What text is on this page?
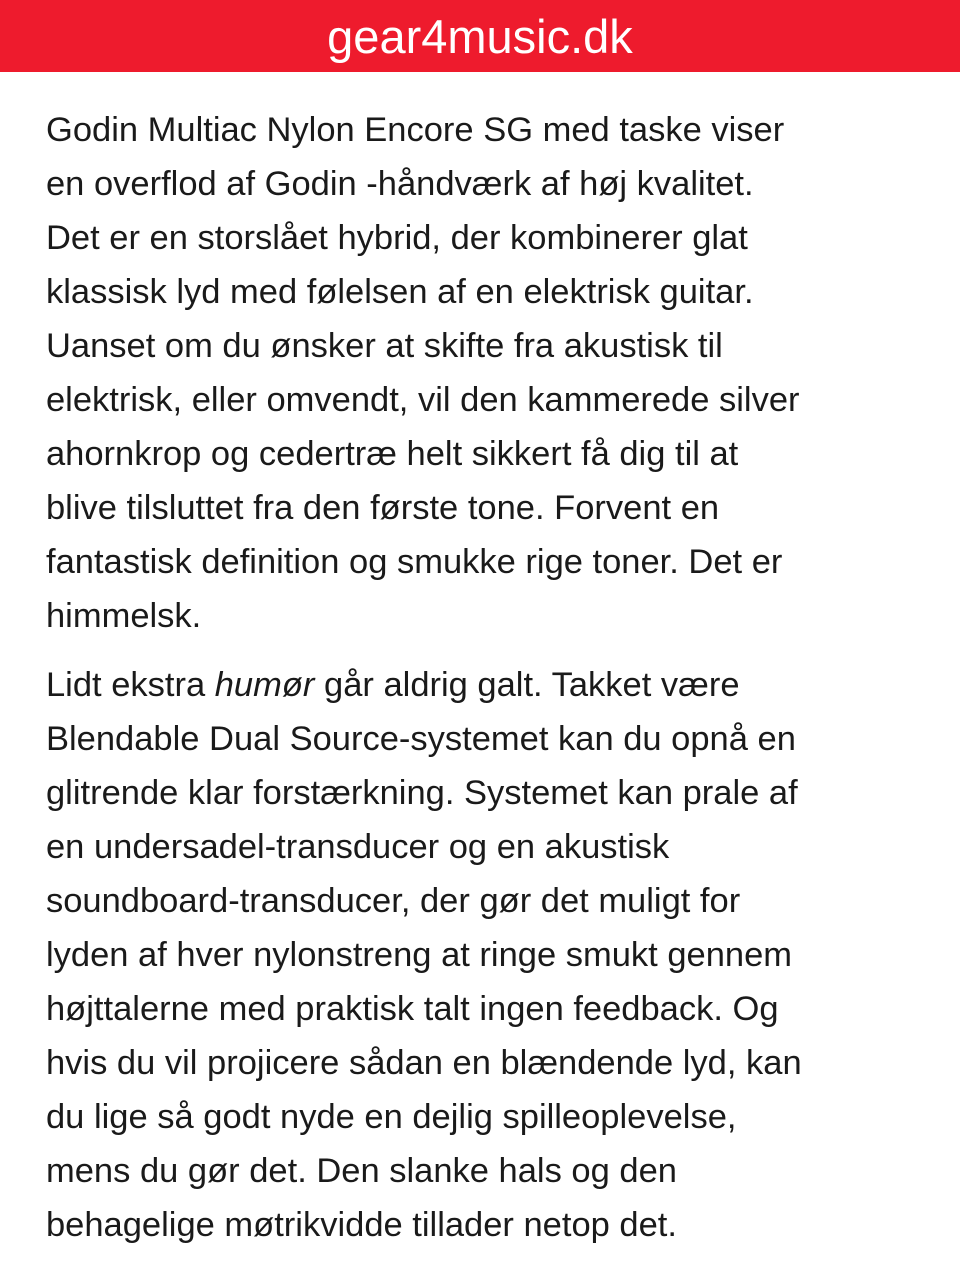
gear4music.dk

Godin Multiac Nylon Encore SG med taske viser
en overflod af Godin -håndværk af høj kvalitet.
Det er en storslået hybrid, der kombinerer glat
klassisk lyd med følelsen af en elektrisk guitar.
Uanset om du ønsker at skifte fra akustisk til
elektrisk, eller omvendt, vil den kammerede silver
ahornkrop og cedertræ helt sikkert få dig til at
blive tilsluttet fra den første tone. Forvent en
fantastisk definition og smukke rige toner. Det er
himmelsk.

Lidt ekstra humør går aldrig galt. Takket være
Blendable Dual Source-systemet kan du opnå en
glitrende klar forstærkning. Systemet kan prale af
en undersadel-transducer og en akustisk
soundboard-transducer, der gør det muligt for
lyden af hver nylonstreng at ringe smukt gennem
højttalerne med praktisk talt ingen feedback. Og
hvis du vil projicere sådan en blændende lyd, kan
du lige så godt nyde en dejlig spilleoplevelse,
mens du gør det. Den slanke hals og den
behagelige møtrikvidde tillader netop det.
